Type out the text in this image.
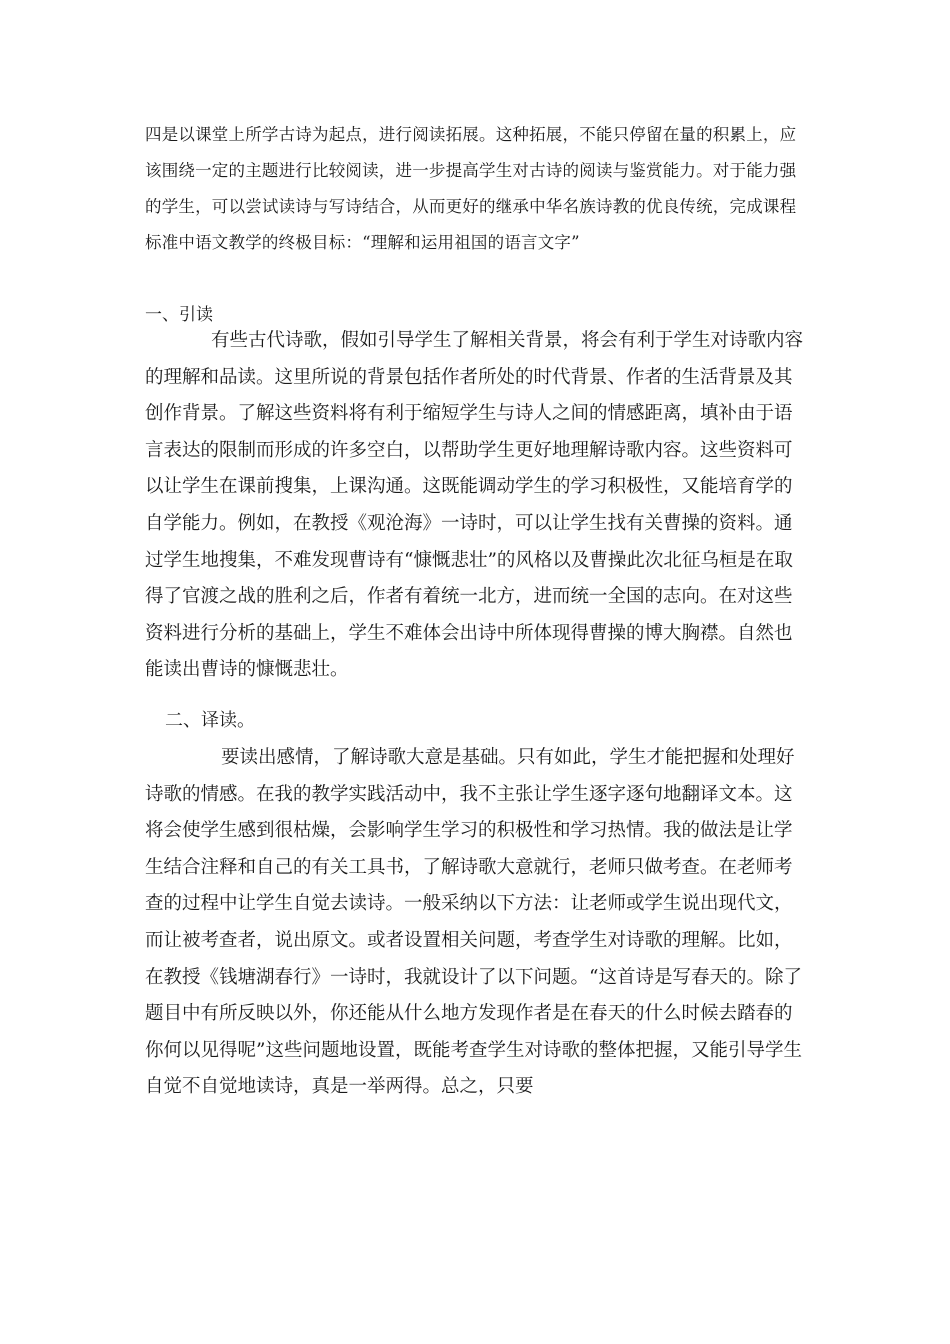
四是以课堂上所学古诗为起点，进行阅读拓展。这种拓展，不能只停留在量的积累上，应该围绕一定的主题进行比较阅读，进一步提高学生对古诗的阅读与鉴赏能力。对于能力强的学生，可以尝试读诗与写诗结合，从而更好的继承中华名族诗教的优良传统，完成课程标准中语文教学的终极目标：“理解和运用祖国的语言文字”

一、引读

有些古代诗歌，假如引导学生了解相关背景，将会有利于学生对诗歌内容的理解和品读。这里所说的背景包括作者所处的时代背景、作者的生活背景及其创作背景。了解这些资料将有利于缩短学生与诗人之间的情感距离，填补由于语言表达的限制而形成的许多空白，以帮助学生更好地理解诗歌内容。这些资料可以让学生在课前搜集，上课沟通。这既能调动学生的学习积极性，又能培育学的自学能力。例如，在教授《观沧海》一诗时，可以让学生找有关曹操的资料。通过学生地搜集，不难发现曹诗有“慷慨悲壮”的风格以及曹操此次北征乌桓是在取得了官渡之战的胜利之后，作者有着统一北方，进而统一全国的志向。在对这些资料进行分析的基础上，学生不难体会出诗中所体现得曹操的博大胸襟。自然也能读出曹诗的慷慨悲壮。

二、译读。

要读出感情，了解诗歌大意是基础。只有如此，学生才能把握和处理好诗歌的情感。在我的教学实践活动中，我不主张让学生逐字逐句地翻译文本。这将会使学生感到很枯燥，会影响学生学习的积极性和学习热情。我的做法是让学生结合注释和自己的有关工具书，了解诗歌大意就行，老师只做考查。在老师考查的过程中让学生自觉去读诗。一般采纳以下方法：让老师或学生说出现代文，而让被考查者，说出原文。或者设置相关问题，考查学生对诗歌的理解。比如，在教授《钱塘湖春行》一诗时，我就设计了以下问题。“这首诗是写春天的。除了题目中有所反映以外，你还能从什么地方发现作者是在春天的什么时候去踏春的你何以见得呢”这些问题地设置，既能考查学生对诗歌的整体把握，又能引导学生自觉不自觉地读诗，真是一举两得。总之，只要
